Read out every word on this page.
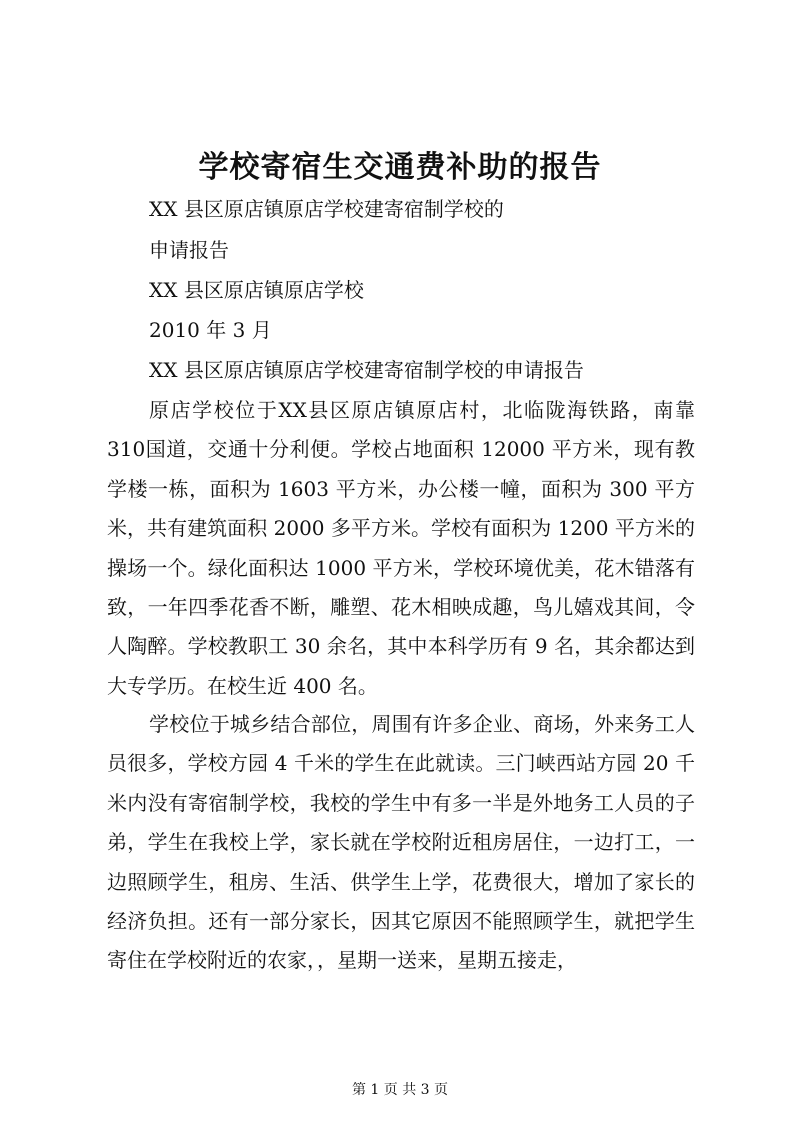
学校寄宿生交通费补助的报告
XX 县区原店镇原店学校建寄宿制学校的
申请报告
XX 县区原店镇原店学校
2010 年 3 月
XX 县区原店镇原店学校建寄宿制学校的申请报告
原店学校位于XX县区原店镇原店村，北临陇海铁路，南靠310国道，交通十分利便。学校占地面积 12000 平方米，现有教学楼一栋，面积为 1603 平方米，办公楼一幢，面积为 300 平方米，共有建筑面积 2000 多平方米。学校有面积为 1200 平方米的操场一个。绿化面积达 1000 平方米，学校环境优美，花木错落有致，一年四季花香不断，雕塑、花木相映成趣，鸟儿嬉戏其间，令人陶醉。学校教职工 30 余名，其中本科学历有 9 名，其余都达到大专学历。在校生近 400 名。
学校位于城乡结合部位，周围有许多企业、商场，外来务工人员很多，学校方园 4 千米的学生在此就读。三门峡西站方园 20 千米内没有寄宿制学校，我校的学生中有多一半是外地务工人员的子弟，学生在我校上学，家长就在学校附近租房居住，一边打工，一边照顾学生，租房、生活、供学生上学，花费很大，增加了家长的经济负担。还有一部分家长，因其它原因不能照顾学生，就把学生寄住在学校附近的农家，，星期一送来，星期五接走，
第 1 页 共 3 页
